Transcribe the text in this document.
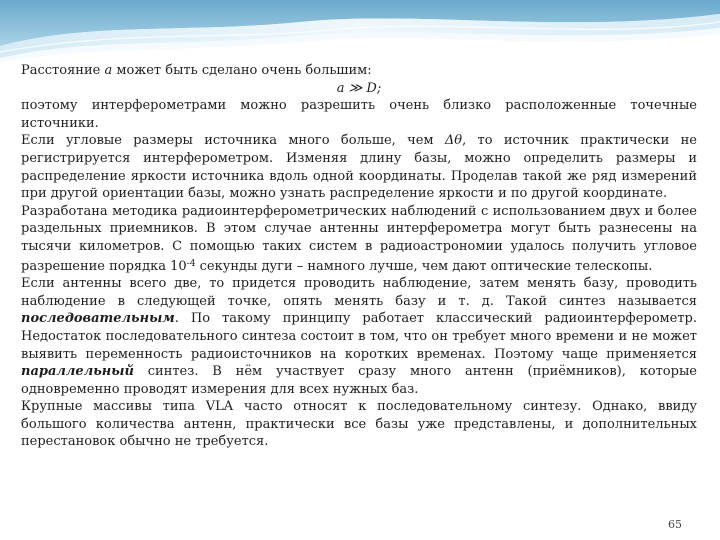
Расстояние a может быть сделано очень большим:

a ≫ D;

поэтому интерферометрами можно разрешить очень близко расположенные точечные источники.

Если угловые размеры источника много больше, чем Δθ, то источник практически не регистрируется интерферометром. Изменяя длину базы, можно определить размеры и распределение яркости источника вдоль одной координаты. Проделав такой же ряд измерений при другой ориентации базы, можно узнать распределение яркости и по другой координате.

Разработана методика радиоинтерферометрических наблюдений с использованием двух и более раздельных приемников. В этом случае антенны интерферометра могут быть разнесены на тысячи километров. С помощью таких систем в радиоастрономии удалось получить угловое разрешение порядка $10^{-4}$ секунды дуги – намного лучше, чем дают оптические телескопы.

Если антенны всего две, то придется проводить наблюдение, затем менять базу, проводить наблюдение в следующей точке, опять менять базу и т. д. Такой синтез называется последовательным. По такому принципу работает классический радиоинтерферометр. Недостаток последовательного синтеза состоит в том, что он требует много времени и не может выявить переменность радиоисточников на коротких временах. Поэтому чаще применяется параллельный синтез. В нём участвует сразу много антенн (приёмников), которые одновременно проводят измерения для всех нужных баз.

Крупные массивы типа VLA часто относят к последовательному синтезу. Однако, ввиду большого количества антенн, практически все базы уже представлены, и дополнительных перестановок обычно не требуется.

65
